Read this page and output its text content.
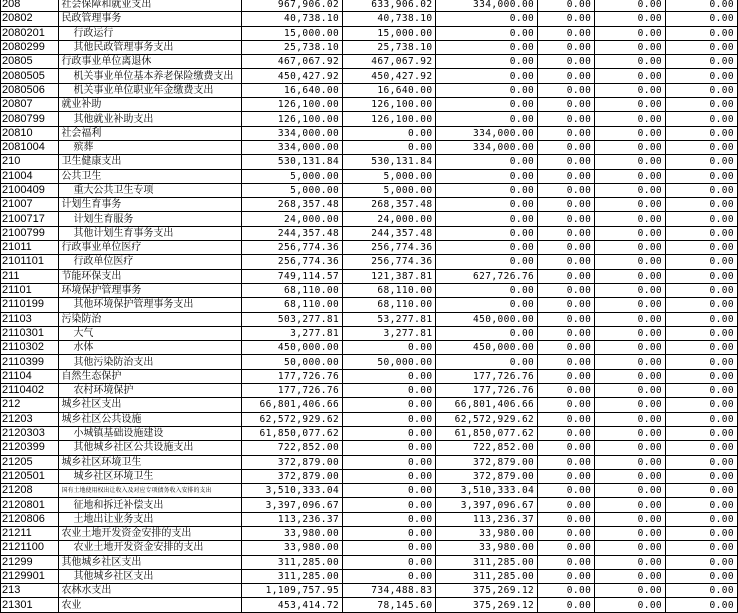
208	社会保障和就业支出	967,906.02	633,906.02	334,000.00	0.00	0.00	0.00
20802	民政管理事务	40,738.10	40,738.10	0.00	0.00	0.00	0.00
2080201	行政运行	15,000.00	15,000.00	0.00	0.00	0.00	0.00
2080299	其他民政管理事务支出	25,738.10	25,738.10	0.00	0.00	0.00	0.00
20805	行政事业单位离退休	467,067.92	467,067.92	0.00	0.00	0.00	0.00
2080505	机关事业单位基本养老保险缴费支出	450,427.92	450,427.92	0.00	0.00	0.00	0.00
2080506	机关事业单位职业年金缴费支出	16,640.00	16,640.00	0.00	0.00	0.00	0.00
20807	就业补助	126,100.00	126,100.00	0.00	0.00	0.00	0.00
2080799	其他就业补助支出	126,100.00	126,100.00	0.00	0.00	0.00	0.00
20810	社会福利	334,000.00	0.00	334,000.00	0.00	0.00	0.00
2081004	殡葬	334,000.00	0.00	334,000.00	0.00	0.00	0.00
210	卫生健康支出	530,131.84	530,131.84	0.00	0.00	0.00	0.00
21004	公共卫生	5,000.00	5,000.00	0.00	0.00	0.00	0.00
2100409	重大公共卫生专项	5,000.00	5,000.00	0.00	0.00	0.00	0.00
21007	计划生育事务	268,357.48	268,357.48	0.00	0.00	0.00	0.00
2100717	计划生育服务	24,000.00	24,000.00	0.00	0.00	0.00	0.00
2100799	其他计划生育事务支出	244,357.48	244,357.48	0.00	0.00	0.00	0.00
21011	行政事业单位医疗	256,774.36	256,774.36	0.00	0.00	0.00	0.00
2101101	行政单位医疗	256,774.36	256,774.36	0.00	0.00	0.00	0.00
211	节能环保支出	749,114.57	121,387.81	627,726.76	0.00	0.00	0.00
21101	环境保护管理事务	68,110.00	68,110.00	0.00	0.00	0.00	0.00
2110199	其他环境保护管理事务支出	68,110.00	68,110.00	0.00	0.00	0.00	0.00
21103	污染防治	503,277.81	53,277.81	450,000.00	0.00	0.00	0.00
2110301	大气	3,277.81	3,277.81	0.00	0.00	0.00	0.00
2110302	水体	450,000.00	0.00	450,000.00	0.00	0.00	0.00
2110399	其他污染防治支出	50,000.00	50,000.00	0.00	0.00	0.00	0.00
21104	自然生态保护	177,726.76	0.00	177,726.76	0.00	0.00	0.00
2110402	农村环境保护	177,726.76	0.00	177,726.76	0.00	0.00	0.00
212	城乡社区支出	66,801,406.66	0.00	66,801,406.66	0.00	0.00	0.00
21203	城乡社区公共设施	62,572,929.62	0.00	62,572,929.62	0.00	0.00	0.00
2120303	小城镇基础设施建设	61,850,077.62	0.00	61,850,077.62	0.00	0.00	0.00
2120399	其他城乡社区公共设施支出	722,852.00	0.00	722,852.00	0.00	0.00	0.00
21205	城乡社区环境卫生	372,879.00	0.00	372,879.00	0.00	0.00	0.00
2120501	城乡社区环境卫生	372,879.00	0.00	372,879.00	0.00	0.00	0.00
21208	国有土地使用权出让收入及对应专项债务收入安排的支出	3,510,333.04	0.00	3,510,333.04	0.00	0.00	0.00
2120801	征地和拆迁补偿支出	3,397,096.67	0.00	3,397,096.67	0.00	0.00	0.00
2120806	土地出让业务支出	113,236.37	0.00	113,236.37	0.00	0.00	0.00
21211	农业土地开发资金安排的支出	33,980.00	0.00	33,980.00	0.00	0.00	0.00
2121100	农业土地开发资金安排的支出	33,980.00	0.00	33,980.00	0.00	0.00	0.00
21299	其他城乡社区支出	311,285.00	0.00	311,285.00	0.00	0.00	0.00
2129901	其他城乡社区支出	311,285.00	0.00	311,285.00	0.00	0.00	0.00
213	农林水支出	1,109,757.95	734,488.83	375,269.12	0.00	0.00	0.00
21301	农业	453,414.72	78,145.60	375,269.12	0.00	0.00	0.00
